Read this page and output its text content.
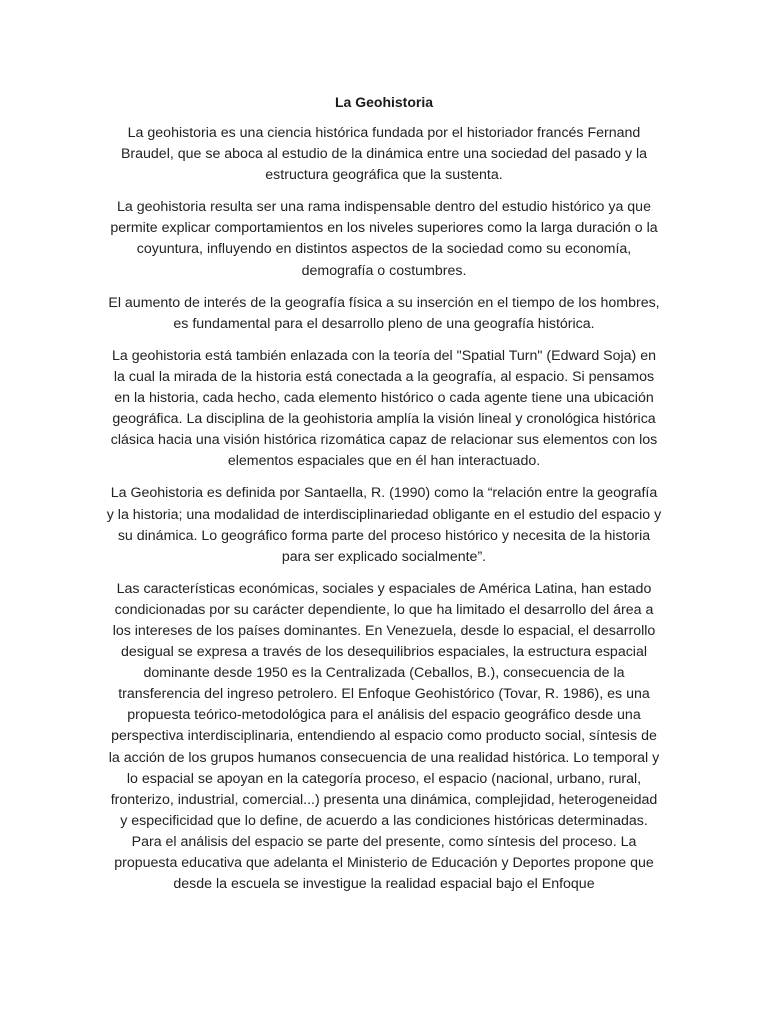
La Geohistoria

La geohistoria es una ciencia histórica fundada por el historiador francés Fernand Braudel, que se aboca al estudio de la dinámica entre una sociedad del pasado y la estructura geográfica que la sustenta.

La geohistoria resulta ser una rama indispensable dentro del estudio histórico ya que permite explicar comportamientos en los niveles superiores como la larga duración o la coyuntura, influyendo en distintos aspectos de la sociedad como su economía, demografía o costumbres.

El aumento de interés de la geografía física a su inserción en el tiempo de los hombres, es fundamental para el desarrollo pleno de una geografía histórica.

La geohistoria está también enlazada con la teoría del "Spatial Turn" (Edward Soja) en la cual la mirada de la historia está conectada a la geografía, al espacio. Si pensamos en la historia, cada hecho, cada elemento histórico o cada agente tiene una ubicación geográfica. La disciplina de la geohistoria amplía la visión lineal y cronológica histórica clásica hacia una visión histórica rizomática capaz de relacionar sus elementos con los elementos espaciales que en él han interactuado.

La Geohistoria es definida por Santaella, R. (1990) como la “relación entre la geografía y la historia; una modalidad de interdisciplinariedad obligante en el estudio del espacio y su dinámica. Lo geográfico forma parte del proceso histórico y necesita de la historia para ser explicado socialmente”.

Las características económicas, sociales y espaciales de América Latina, han estado condicionadas por su carácter dependiente, lo que ha limitado el desarrollo del área a los intereses de los países dominantes. En Venezuela, desde lo espacial, el desarrollo desigual se expresa a través de los desequilibrios espaciales, la estructura espacial dominante desde 1950 es la Centralizada (Ceballos, B.), consecuencia de la transferencia del ingreso petrolero. El Enfoque Geohistórico (Tovar, R. 1986), es una propuesta teórico-metodológica para el análisis del espacio geográfico desde una perspectiva interdisciplinaria, entendiendo al espacio como producto social, síntesis de la acción de los grupos humanos consecuencia de una realidad histórica. Lo temporal y lo espacial se apoyan en la categoría proceso, el espacio (nacional, urbano, rural, fronterizo, industrial, comercial...) presenta una dinámica, complejidad, heterogeneidad y especificidad que lo define, de acuerdo a las condiciones históricas determinadas. Para el análisis del espacio se parte del presente, como síntesis del proceso. La propuesta educativa que adelanta el Ministerio de Educación y Deportes propone que desde la escuela se investigue la realidad espacial bajo el Enfoque
